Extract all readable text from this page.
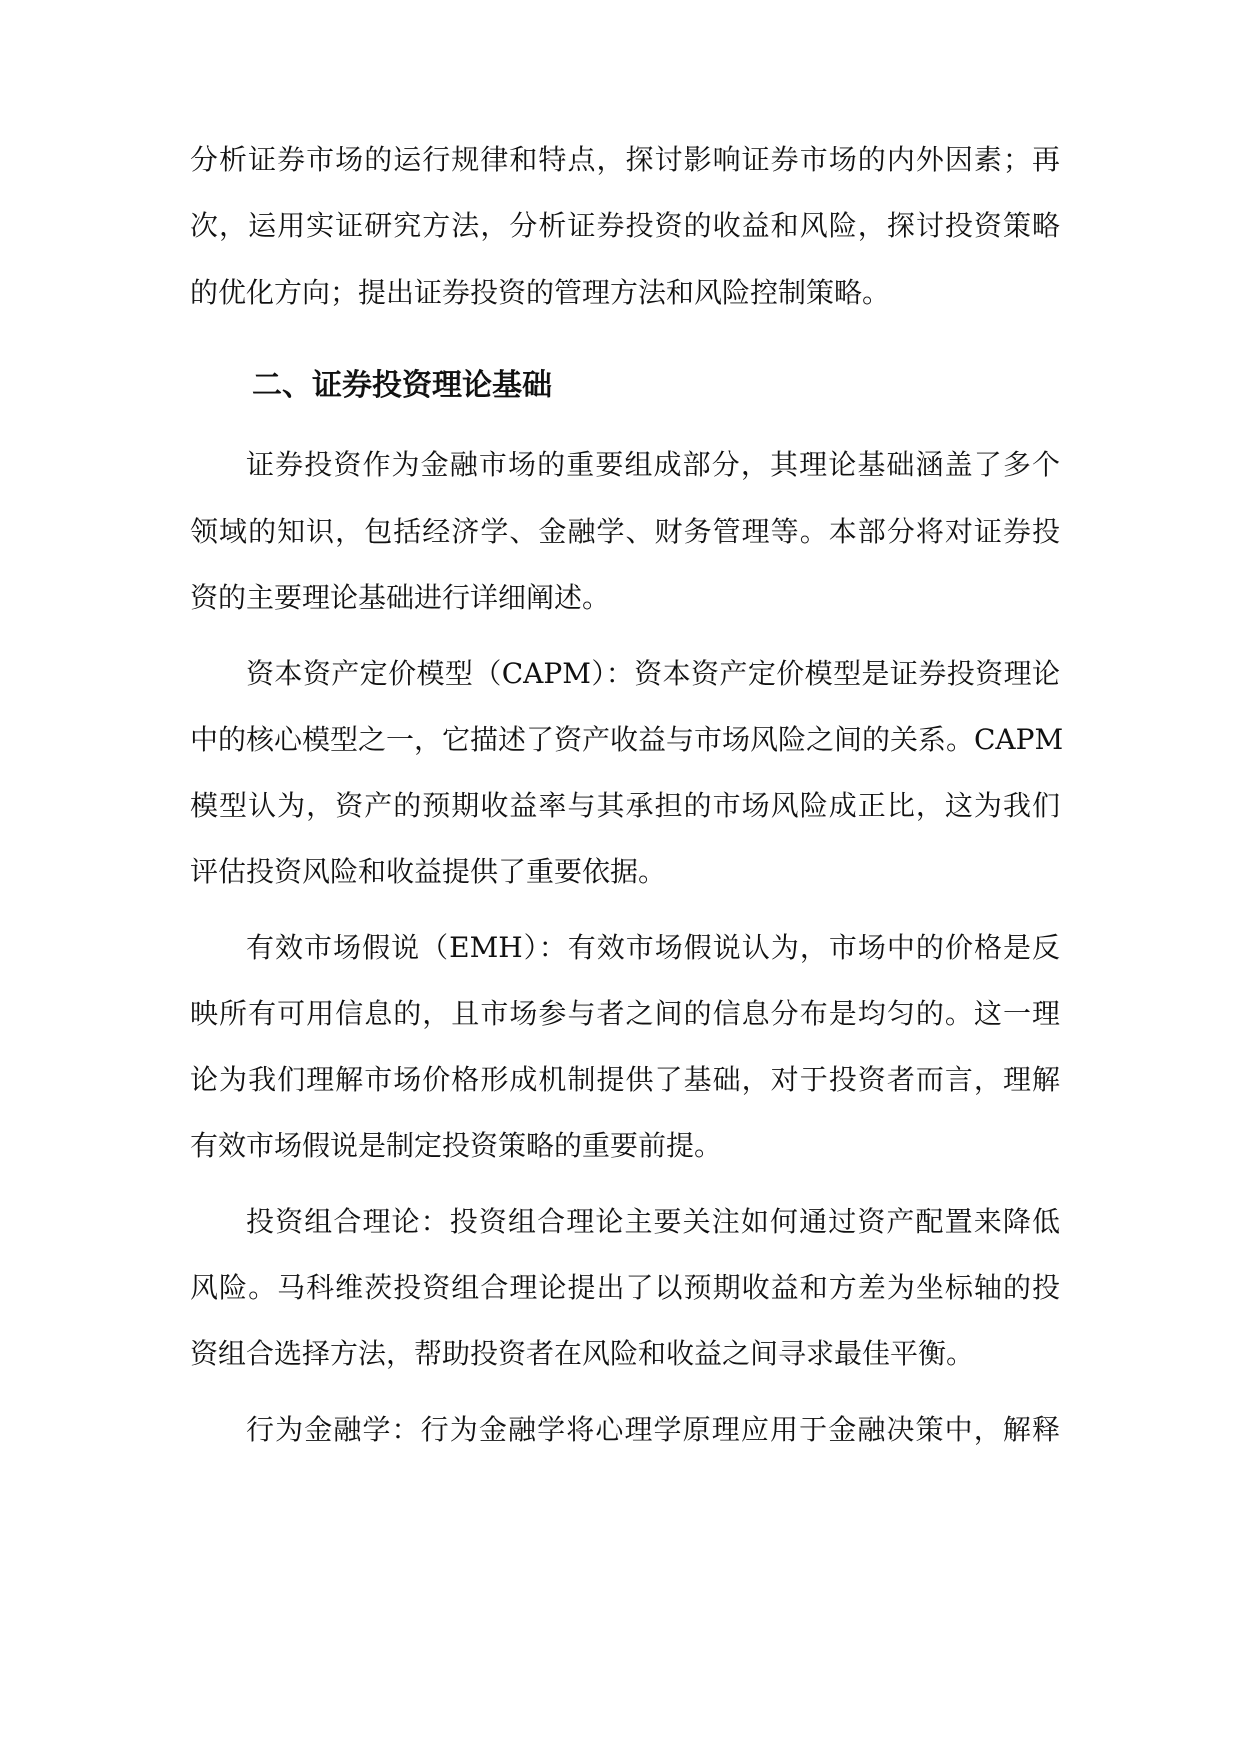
分析证券市场的运行规律和特点，探讨影响证券市场的内外因素；再
次，运用实证研究方法，分析证券投资的收益和风险，探讨投资策略
的优化方向；提出证券投资的管理方法和风险控制策略。
二、证券投资理论基础
证券投资作为金融市场的重要组成部分，其理论基础涵盖了多个
领域的知识，包括经济学、金融学、财务管理等。本部分将对证券投
资的主要理论基础进行详细阐述。
资本资产定价模型（CAPM）：资本资产定价模型是证券投资理论
中的核心模型之一，它描述了资产收益与市场风险之间的关系。CAPM
模型认为，资产的预期收益率与其承担的市场风险成正比，这为我们
评估投资风险和收益提供了重要依据。
有效市场假说（EMH）：有效市场假说认为，市场中的价格是反
映所有可用信息的，且市场参与者之间的信息分布是均匀的。这一理
论为我们理解市场价格形成机制提供了基础，对于投资者而言，理解
有效市场假说是制定投资策略的重要前提。
投资组合理论：投资组合理论主要关注如何通过资产配置来降低
风险。马科维茨投资组合理论提出了以预期收益和方差为坐标轴的投
资组合选择方法，帮助投资者在风险和收益之间寻求最佳平衡。
行为金融学：行为金融学将心理学原理应用于金融决策中，解释
